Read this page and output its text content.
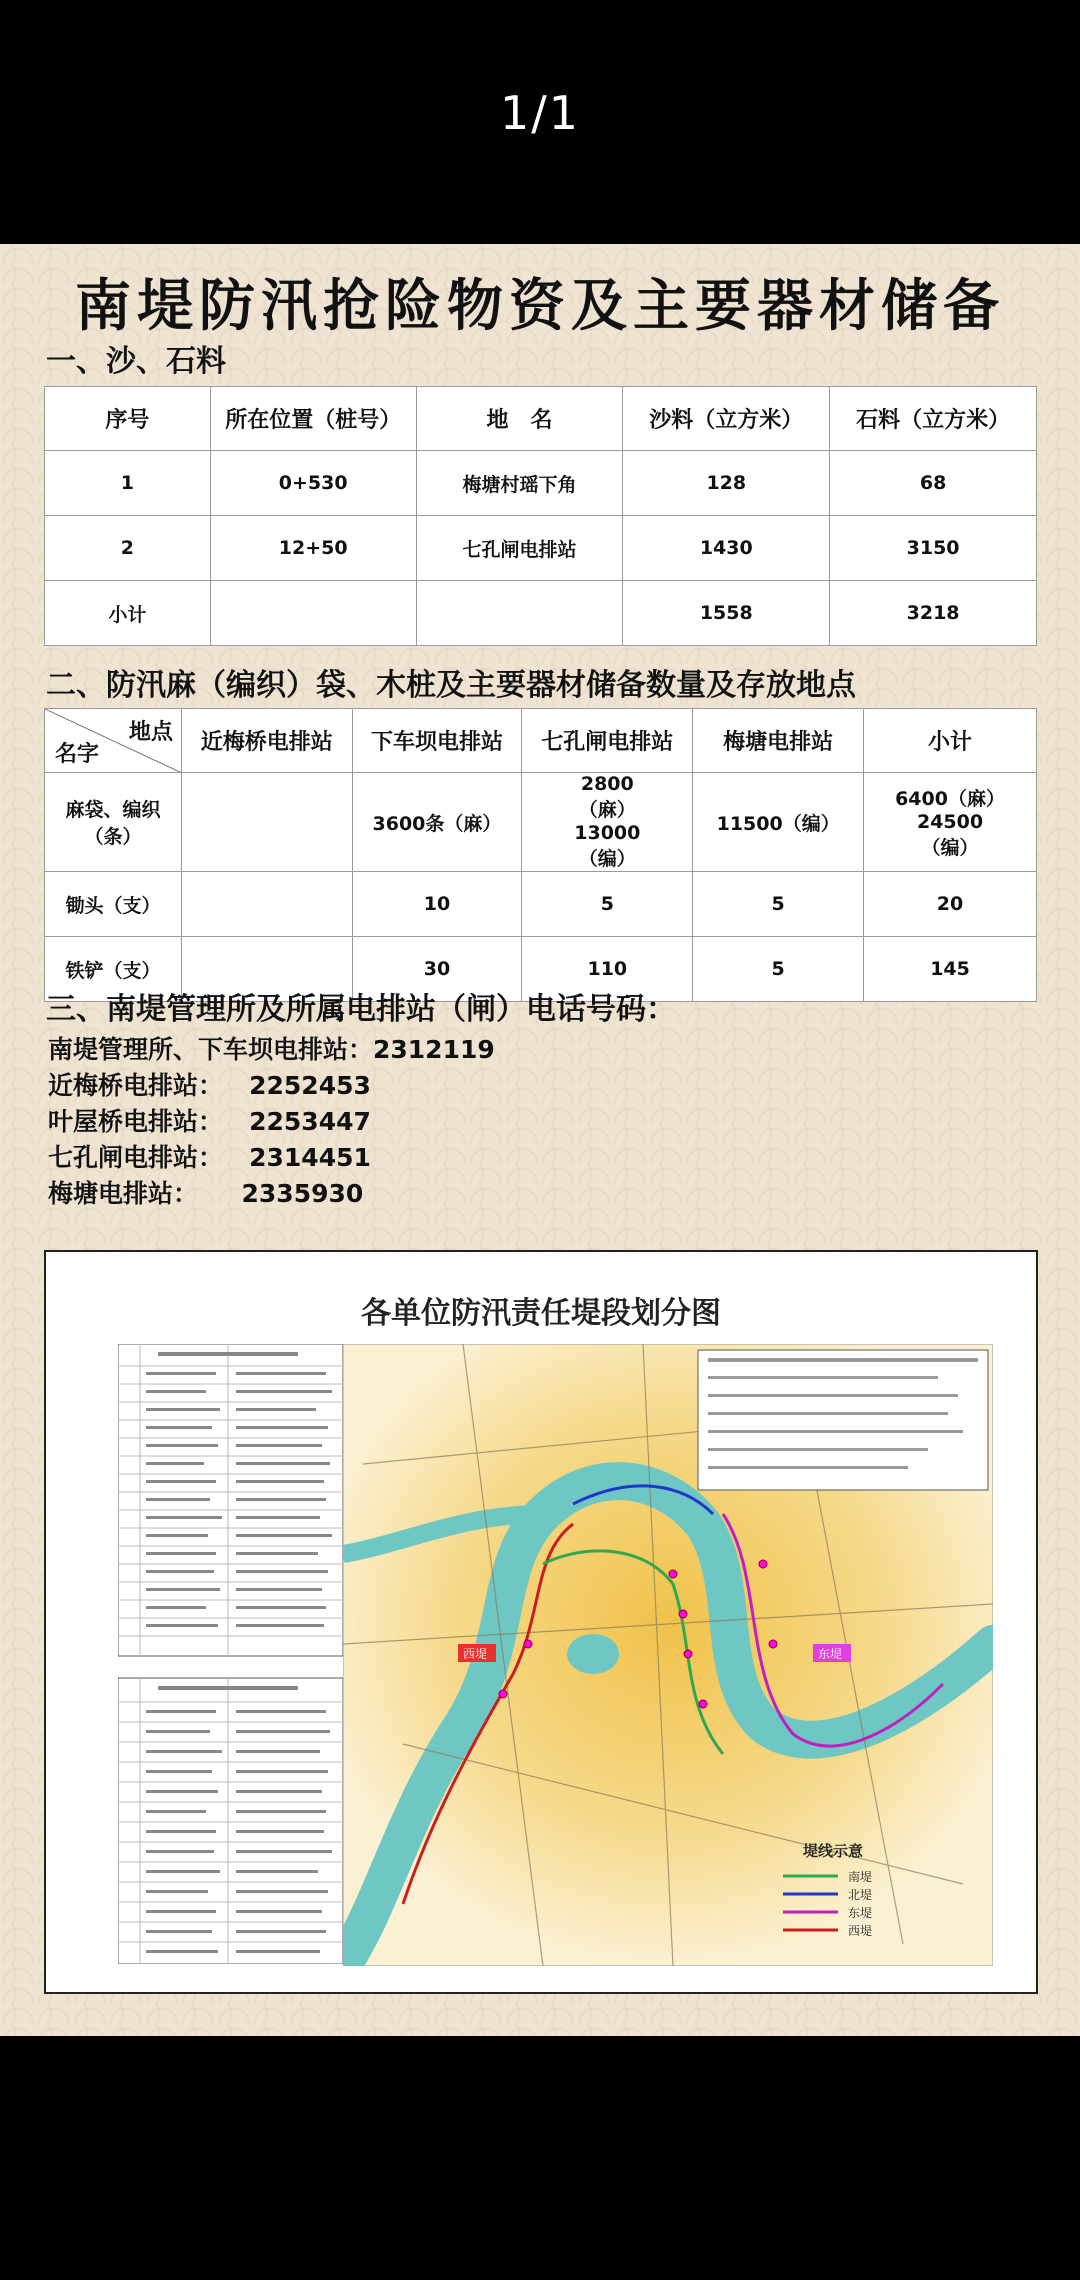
1/1
南堤防汛抢险物资及主要器材储备
一、沙、石料
序号	所在位置（桩号）	地　名	沙料（立方米）	石料（立方米）
1	0+530	梅塘村瑶下角	128	68
2	12+50	七孔闸电排站	1430	3150
小计			1558	3218
二、防汛麻（编织）袋、木桩及主要器材储备数量及存放地点
地点
名字	近梅桥电排站	下车坝电排站	七孔闸电排站	梅塘电排站	小计
麻袋、编织（条）		3600条（麻）	2800（麻）13000（编）	11500（编）	6400（麻）24500（编）
锄头（支）		10	5	5	20
铁铲（支）		30	110	5	145
三、南堤管理所及所属电排站（闸）电话号码：
南堤管理所、下车坝电排站：2312119
近梅桥电排站：   2252453
叶屋桥电排站：   2253447
七孔闸电排站：   2314451
梅塘电排站：     2335930
各单位防汛责任堤段划分图
西堤	东堤
堤线示意
南堤
北堤
东堤
西堤
